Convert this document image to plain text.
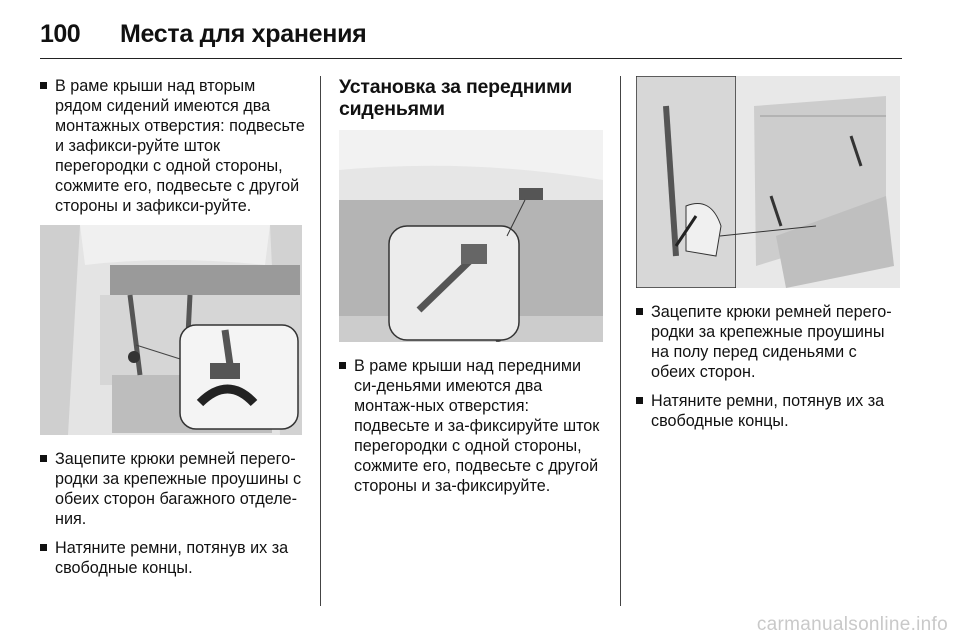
100 Места для хранения
В раме крыши над вторым рядом сидений имеются два монтажных отверстия: подвесьте и зафикси-руйте шток перегородки с одной стороны, сожмите его, подвесьте с другой стороны и зафикси-руйте.
Зацепите крюки ремней перего-родки за крепежные проушины с обеих сторон багажного отделе-ния.
Натяните ремни, потянув их за свободные концы.
Установка за передними сиденьями
В раме крыши над передними си-деньями имеются два монтаж-ных отверстия: подвесьте и за-фиксируйте шток перегородки с одной стороны, сожмите его, подвесьте с другой стороны и за-фиксируйте.
Зацепите крюки ремней перего-родки за крепежные проушины на полу перед сиденьями с обеих сторон.
Натяните ремни, потянув их за свободные концы.
carmanualsonline.info
